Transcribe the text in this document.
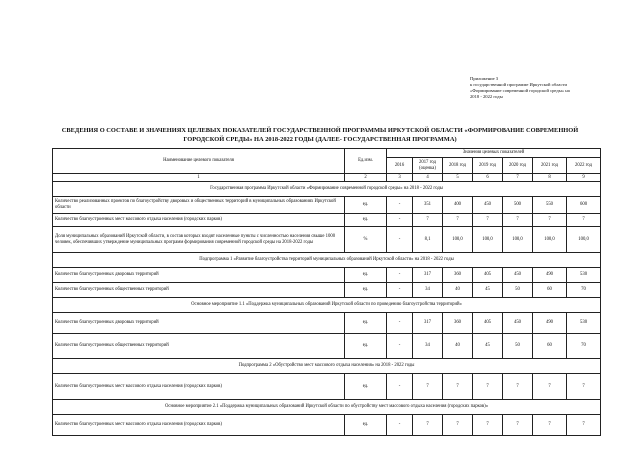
Приложение 3
к государственной программе Иркутской области
«Формирование современной городской среды» на
2018 - 2022 годы
СВЕДЕНИЯ О СОСТАВЕ И ЗНАЧЕНИЯХ ЦЕЛЕВЫХ ПОКАЗАТЕЛЕЙ ГОСУДАРСТВЕННОЙ ПРОГРАММЫ ИРКУТСКОЙ ОБЛАСТИ «ФОРМИРОВАНИЕ СОВРЕМЕННОЙ
ГОРОДСКОЙ СРЕДЫ» НА 2018-2022 ГОДЫ (ДАЛЕЕ- ГОСУДАРСТВЕННАЯ ПРОГРАММА)
Наименование целевого показателя	Ед.изм.	Значения целевых показателей						
		2016	2017 год (оценка)	2018 год	2019 год	2020 год	2021 год	2022 год
1	2	3	4	5	6	7	8	9
Государственная программа Иркутской области «Формирование современной городской среды» на 2018 - 2022 годы								
Количество реализованных проектов по благоустройству дворовых и общественных территорий в муниципальных образованиях Иркутской области	ед.	-	351	400	450	500	550	600
Количество благоустроенных мест массового отдыха населения (городских парков)	ед.	-	7	7	7	7	7	7
Доля муниципальных образований Иркутской области, в состав которых входят населенные пункты с численностью населения свыше 1000 человек, обеспечивших утверждение муниципальных программ формирования современной городской среды на 2018-2022 годы	%	-	8,1	100,0	100,0	100,0	100,0	100,0
Подпрограмма 1 «Развитие благоустройства территорий муниципальных образований Иркутской области» на 2018 - 2022 годы								
Количество благоустроенных дворовых территорий	ед.	-	317	360	405	450	490	530
Количество благоустроенных общественных территорий	ед.	-	34	40	45	50	60	70
Основное мероприятие 1.1 «Поддержка муниципальных образований Иркутской области по проведению благоустройства территорий»								
Количество благоустроенных дворовых территорий	ед.	-	317	360	405	450	490	530
Количество благоустроенных общественных территорий	ед.	-	34	40	45	50	60	70
Подпрограмма 2 «Обустройство мест массового отдыха населения» на 2018 - 2022 годы								
Количество благоустроенных мест массового отдыха населения (городских парков)	ед.	-	7	7	7	7	7	7
Основное мероприятие 2.1 «Поддержка муниципальных образований Иркутской области по обустройству мест массового отдыха населения (городских парков)»								
Количество благоустроенных мест массового отдыха населения (городских парков)	ед.	-	7	7	7	7	7	7
